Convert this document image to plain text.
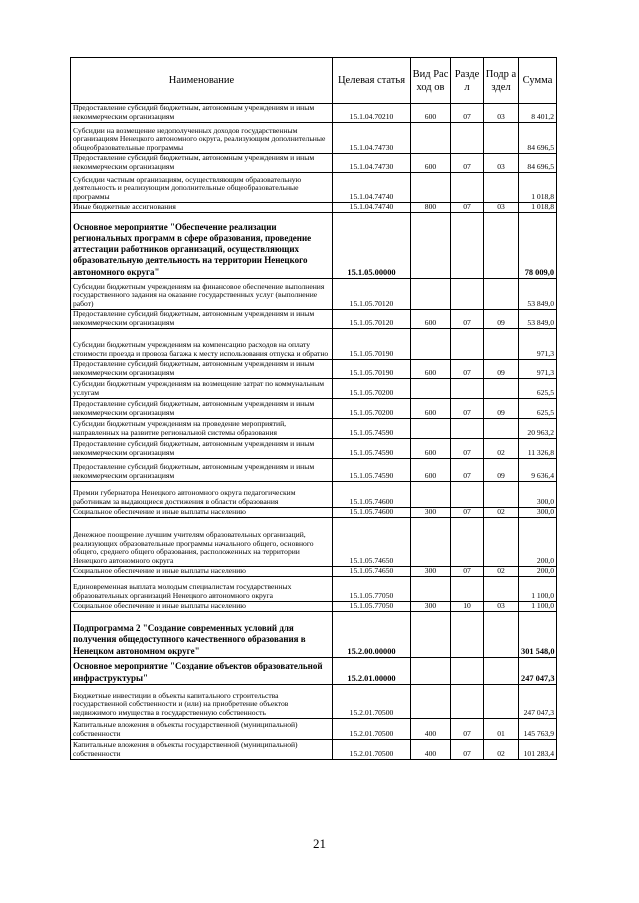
Наименование	Целевая статья	Вид Расход ов	Разде л	Подр аздел	Сумма
Предоставление субсидий бюджетным, автономным учреждениям и иным некоммерческим организациям	15.1.04.70210	600	07	03	8 401,2
Субсидии на возмещение недополученных доходов государственным организациям Ненецкого автономного округа, реализующим дополнительные общеобразовательные программы	15.1.04.74730				84 696,5
Предоставление субсидий бюджетным, автономным учреждениям и иным некоммерческим организациям	15.1.04.74730	600	07	03	84 696,5
Субсидии частным организациям, осуществляющим образовательную деятельность и реализующим дополнительные общеобразовательные программы	15.1.04.74740				1 018,8
Иные бюджетные ассигнования	15.1.04.74740	800	07	03	1 018,8
Основное мероприятие "Обеспечение реализации региональных программ в сфере образования, проведение аттестации работников организаций, осуществляющих образовательную деятельность на территории Ненецкого автономного округа"	15.1.05.00000				78 009,0
Субсидии бюджетным учреждениям на финансовое обеспечение выполнения государственного задания на оказание государственных услуг (выполнение работ)	15.1.05.70120				53 849,0
Предоставление субсидий бюджетным, автономным учреждениям и иным некоммерческим организациям	15.1.05.70120	600	07	09	53 849,0
Субсидии бюджетным учреждениям на компенсацию расходов на оплату стоимости проезда и провоза багажа к месту использования отпуска и обратно	15.1.05.70190				971,3
Предоставление субсидий бюджетным, автономным учреждениям и иным некоммерческим организациям	15.1.05.70190	600	07	09	971,3
Субсидии бюджетным учреждениям на возмещение затрат по коммунальным услугам	15.1.05.70200				625,5
Предоставление субсидий бюджетным, автономным учреждениям и иным некоммерческим организациям	15.1.05.70200	600	07	09	625,5
Субсидии бюджетным учреждениям на проведение мероприятий, направленных на развитие региональной системы образования	15.1.05.74590				20 963,2
Предоставление субсидий бюджетным, автономным учреждениям и иным некоммерческим организациям	15.1.05.74590	600	07	02	11 326,8
Предоставление субсидий бюджетным, автономным учреждениям и иным некоммерческим организациям	15.1.05.74590	600	07	09	9 636,4
Премии губернатора Ненецкого автономного округа педагогическим работникам за выдающиеся достижения в области образования	15.1.05.74600				300,0
Социальное обеспечение и иные выплаты населению	15.1.05.74600	300	07	02	300,0
Денежное поощрение лучшим учителям образовательных организаций, реализующих образовательные программы начального общего, основного общего, среднего общего образования, расположенных на территории Ненецкого автономного округа	15.1.05.74650				200,0
Социальное обеспечение и иные выплаты населению	15.1.05.74650	300	07	02	200,0
Единовременная выплата молодым специалистам государственных образовательных организаций Ненецкого автономного округа	15.1.05.77050				1 100,0
Социальное обеспечение и иные выплаты населению	15.1.05.77050	300	10	03	1 100,0
Подпрограмма 2 "Создание современных условий для получения общедоступного качественного образования в Ненецком автономном округе"	15.2.00.00000				301 548,0
Основное мероприятие "Создание объектов образовательной инфраструктуры"	15.2.01.00000				247 047,3
Бюджетные инвестиции в объекты капитального строительства государственной собственности и (или) на приобретение объектов недвижимого имущества в государственную собственность	15.2.01.70500				247 047,3
Капитальные вложения в объекты государственной (муниципальной) собственности	15.2.01.70500	400	07	01	145 763,9
Капитальные вложения в объекты государственной (муниципальной) собственности	15.2.01.70500	400	07	02	101 283,4
21
